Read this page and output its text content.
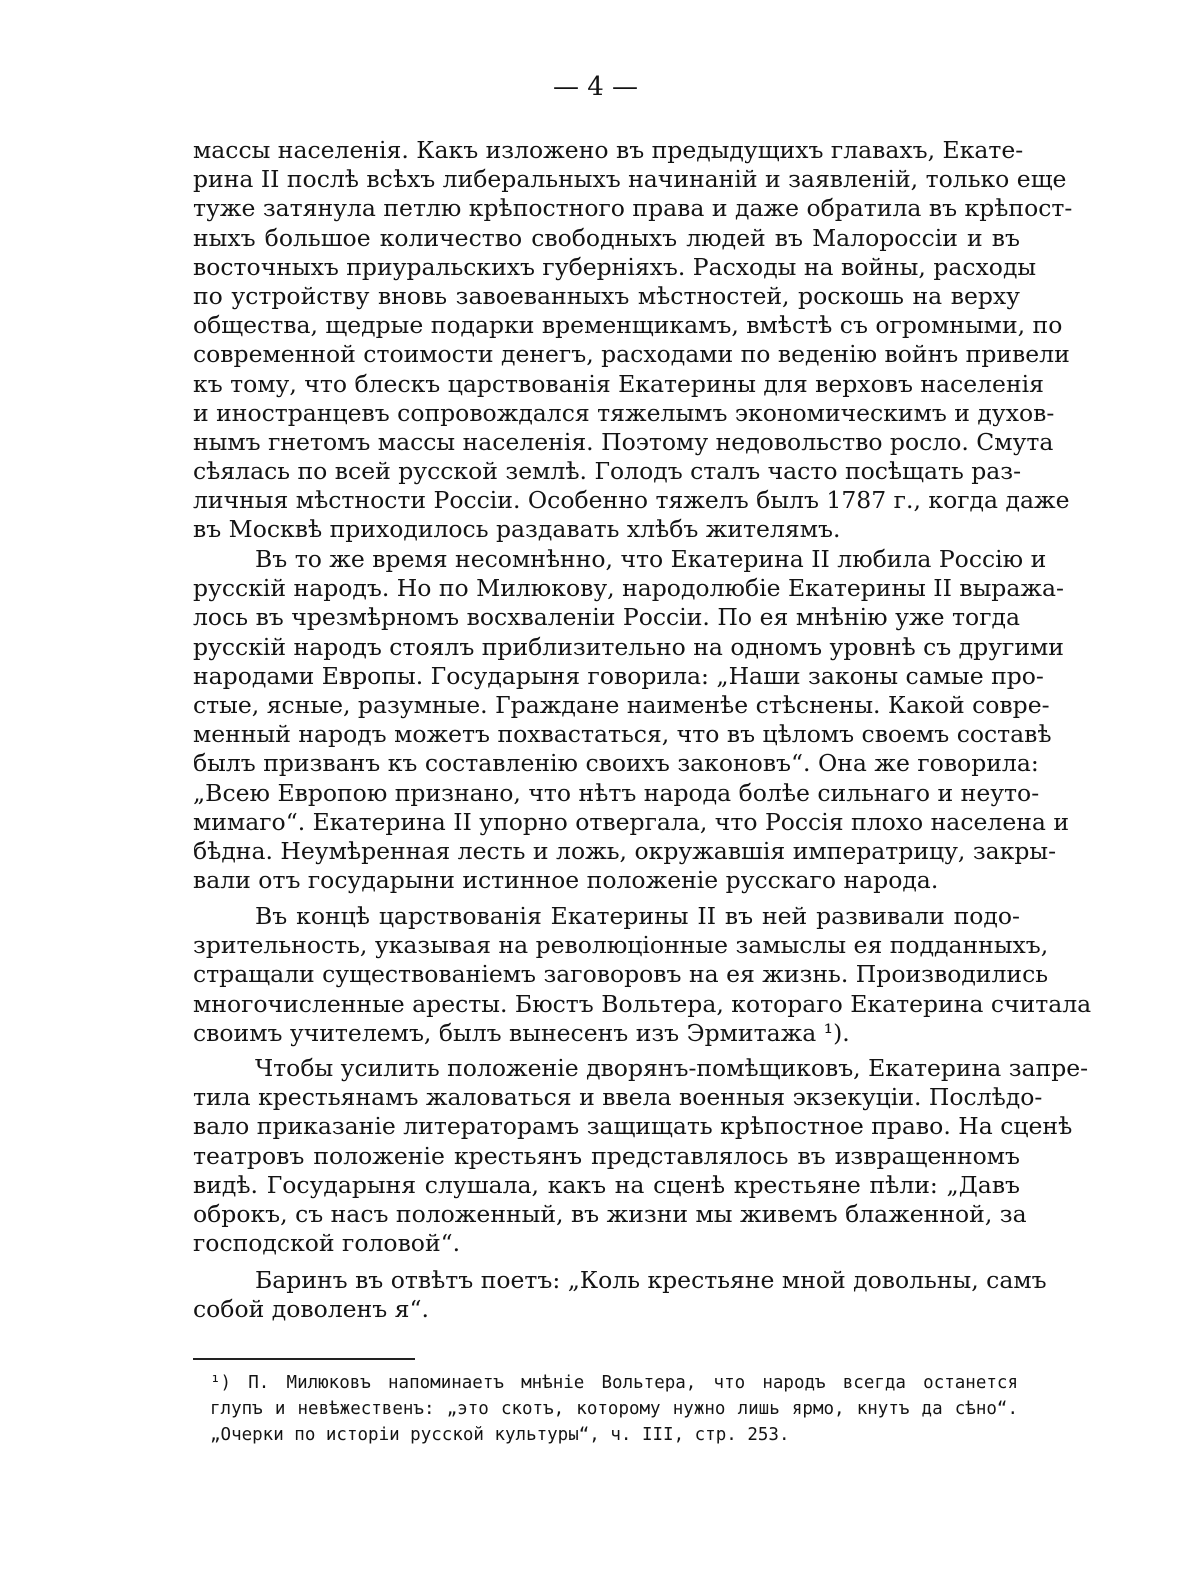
— 4 —
массы населенія. Какъ изложено въ предыдущихъ главахъ, Екате-
рина II послѣ всѣхъ либеральныхъ начинаній и заявленій, только еще
туже затянула петлю крѣпостного права и даже обратила въ крѣпост-
ныхъ большое количество свободныхъ людей въ Малороссіи и въ
восточныхъ приуральскихъ губерніяхъ. Расходы на войны, расходы
по устройству вновь завоеванныхъ мѣстностей, роскошь на верху
общества, щедрые подарки временщикамъ, вмѣстѣ съ огромными, по
современной стоимости денегъ, расходами по веденію войнъ привели
къ тому, что блескъ царствованія Екатерины для верховъ населенія
и иностранцевъ сопровождался тяжелымъ экономическимъ и духов-
нымъ гнетомъ массы населенія. Поэтому недовольство росло. Смута
сѣялась по всей русской землѣ. Голодъ сталъ часто посѣщать раз-
личныя мѣстности Россіи. Особенно тяжелъ былъ 1787 г., когда даже
въ Москвѣ приходилось раздавать хлѣбъ жителямъ.
Въ то же время несомнѣнно, что Екатерина II любила Россію и
русскій народъ. Но по Милюкову, народолюбіе Екатерины II выража-
лось въ чрезмѣрномъ восхваленіи Россіи. По ея мнѣнію уже тогда
русскій народъ стоялъ приблизительно на одномъ уровнѣ съ другими
народами Европы. Государыня говорила: „Наши законы самые про-
стые, ясные, разумные. Граждане наименѣе стѣснены. Какой совре-
менный народъ можетъ похвастаться, что въ цѣломъ своемъ составѣ
былъ призванъ къ составленію своихъ законовъ“. Она же говорила:
„Всею Европою признано, что нѣтъ народа болѣе сильнаго и неуто-
мимаго“. Екатерина II упорно отвергала, что Россія плохо населена и
бѣдна. Неумѣренная лесть и ложь, окружавшія императрицу, закры-
вали отъ государыни истинное положеніе русскаго народа.
Въ концѣ царствованія Екатерины II въ ней развивали подо-
зрительность, указывая на революціонные замыслы ея подданныхъ,
стращали существованіемъ заговоровъ на ея жизнь. Производились
многочисленные аресты. Бюстъ Вольтера, котораго Екатерина считала
своимъ учителемъ, былъ вынесенъ изъ Эрмитажа ¹).
Чтобы усилить положеніе дворянъ-помѣщиковъ, Екатерина запре-
тила крестьянамъ жаловаться и ввела военныя экзекуціи. Послѣдо-
вало приказаніе литераторамъ защищать крѣпостное право. На сценѣ
театровъ положеніе крестьянъ представлялось въ извращенномъ
видѣ. Государыня слушала, какъ на сценѣ крестьяне пѣли: „Давъ
оброкъ, съ насъ положенный, въ жизни мы живемъ блаженной, за
господской головой“.
Баринъ въ отвѣтъ поетъ: „Коль крестьяне мной довольны, самъ
собой доволенъ я“.
¹) П. Милюковъ напоминаетъ мнѣніе Вольтера, что народъ всегда останется
глупъ и невѣжественъ: „это скотъ, которому нужно лишь ярмо, кнутъ да сѣно“.
„Очерки по исторіи русской культуры“, ч. III, стр. 253.
